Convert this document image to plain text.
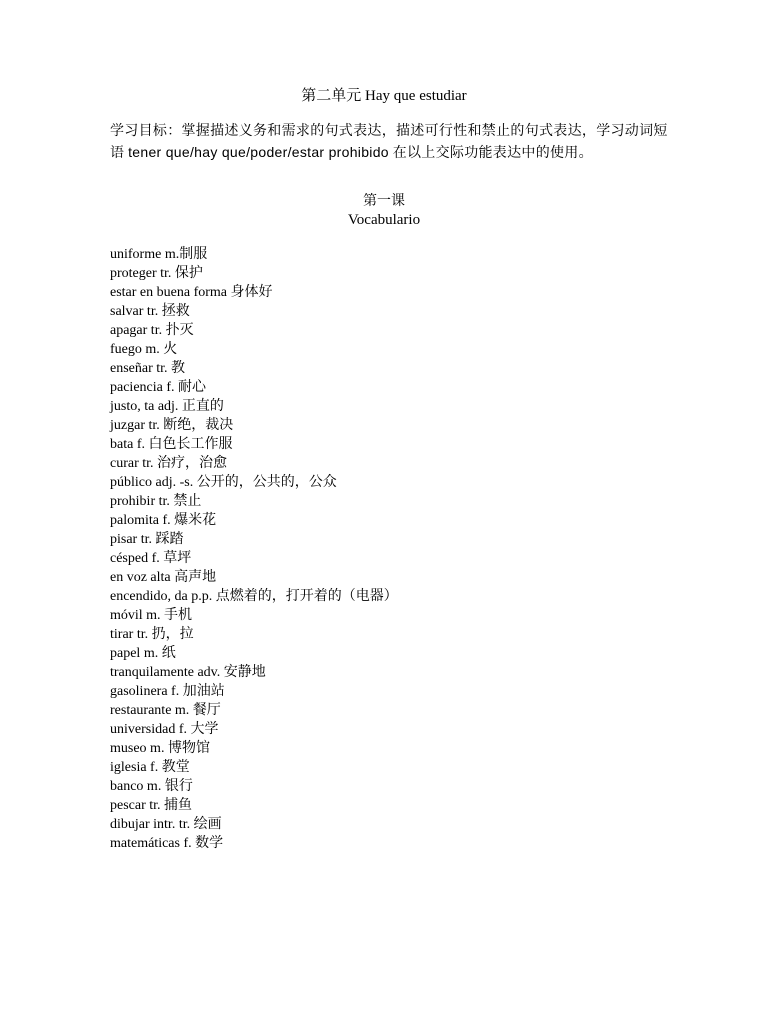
第二单元 Hay que estudiar
学习目标：掌握描述义务和需求的句式表达，描述可行性和禁止的句式表达，学习动词短语 tener que/hay que/poder/estar prohibido 在以上交际功能表达中的使用。
第一课
Vocabulario
uniforme m.制服
proteger tr. 保护
estar en buena forma 身体好
salvar tr. 拯救
apagar tr. 扑灭
fuego m. 火
enseñar tr. 教
paciencia f. 耐心
justo, ta adj. 正直的
juzgar tr. 断绝，裁决
bata f. 白色长工作服
curar tr. 治疗，治愈
público adj. -s. 公开的，公共的，公众
prohibir tr. 禁止
palomita f. 爆米花
pisar tr. 踩踏
césped f. 草坪
en voz alta 高声地
encendido, da p.p. 点燃着的，打开着的（电器）
móvil m. 手机
tirar tr. 扔，拉
papel m. 纸
tranquilamente adv. 安静地
gasolinera f. 加油站
restaurante m. 餐厅
universidad f. 大学
museo m. 博物馆
iglesia f. 教堂
banco m. 银行
pescar tr. 捕鱼
dibujar intr. tr. 绘画
matemáticas f. 数学
